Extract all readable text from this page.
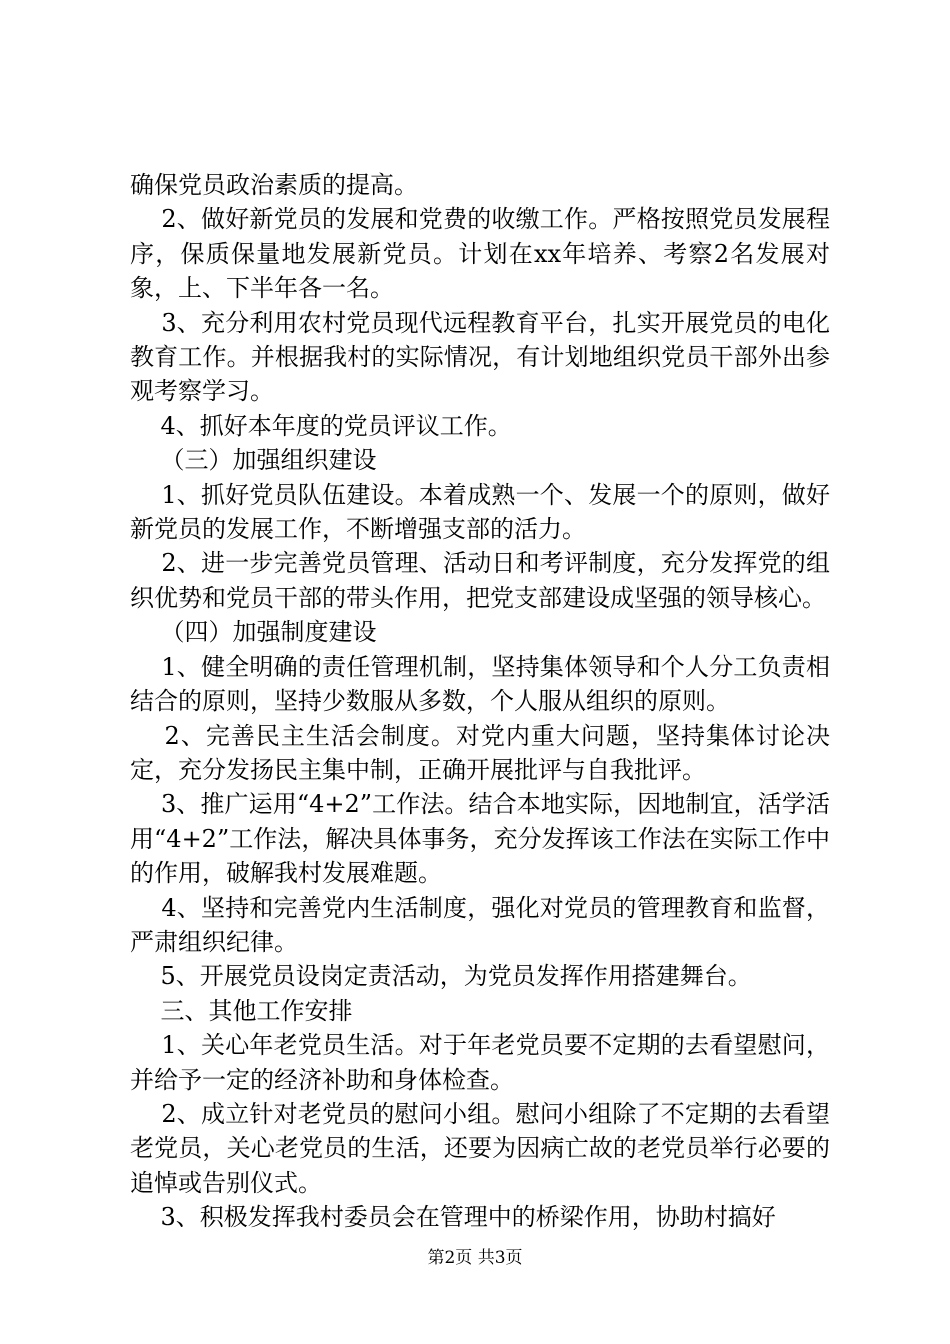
确保党员政治素质的提高。

2、做好新党员的发展和党费的收缴工作。严格按照党员发展程序，保质保量地发展新党员。计划在xx年培养、考察2名发展对象，上、下半年各一名。

3、充分利用农村党员现代远程教育平台，扎实开展党员的电化教育工作。并根据我村的实际情况，有计划地组织党员干部外出参观考察学习。

4、抓好本年度的党员评议工作。

（三）加强组织建设

1、抓好党员队伍建设。本着成熟一个、发展一个的原则，做好新党员的发展工作，不断增强支部的活力。

2、进一步完善党员管理、活动日和考评制度，充分发挥党的组织优势和党员干部的带头作用，把党支部建设成坚强的领导核心。

（四）加强制度建设

1、健全明确的责任管理机制，坚持集体领导和个人分工负责相结合的原则，坚持少数服从多数，个人服从组织的原则。

2、完善民主生活会制度。对党内重大问题，坚持集体讨论决定，充分发扬民主集中制，正确开展批评与自我批评。

3、推广运用“4+2”工作法。结合本地实际，因地制宜，活学活用“4+2”工作法，解决具体事务，充分发挥该工作法在实际工作中的作用，破解我村发展难题。

4、坚持和完善党内生活制度，强化对党员的管理教育和监督，严肃组织纪律。

5、开展党员设岗定责活动，为党员发挥作用搭建舞台。

三、其他工作安排

1、关心年老党员生活。对于年老党员要不定期的去看望慰问，并给予一定的经济补助和身体检查。

2、成立针对老党员的慰问小组。慰问小组除了不定期的去看望老党员，关心老党员的生活，还要为因病亡故的老党员举行必要的追悼或告别仪式。

3、积极发挥我村委员会在管理中的桥梁作用，协助村搞好

第2页 共3页
